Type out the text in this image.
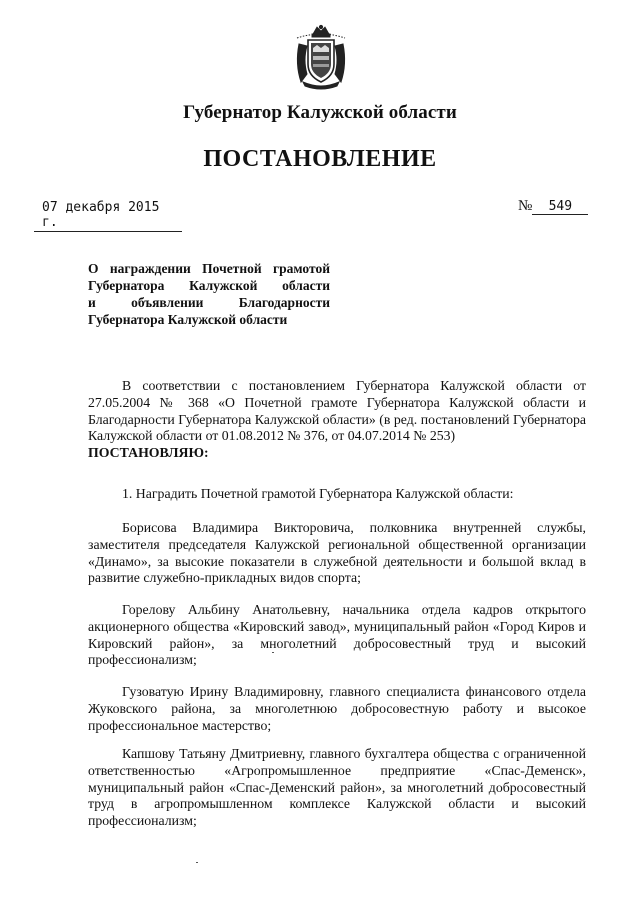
Губернатор Калужской области
ПОСТАНОВЛЕНИЕ
07 декабря 2015 г.
№ 549
О награждении Почетной грамотой
Губернатора Калужской области
и объявлении Благодарности
Губернатора Калужской области
В соответствии с постановлением Губернатора Калужской области от 27.05.2004 № 368 «О Почетной грамоте Губернатора Калужской области и Благодарности Губернатора Калужской области» (в ред. постановлений Губернатора Калужской области от 01.08.2012 № 376, от 04.07.2014 № 253)
ПОСТАНОВЛЯЮ:
1. Наградить Почетной грамотой Губернатора Калужской области:
Борисова Владимира Викторовича, полковника внутренней службы, заместителя председателя Калужской региональной общественной организации «Динамо», за высокие показатели в служебной деятельности и большой вклад в развитие служебно-прикладных видов спорта;
Горелову Альбину Анатольевну, начальника отдела кадров открытого акционерного общества «Кировский завод», муниципальный район «Город Киров и Кировский район», за многолетний добросовестный труд и высокий профессионализм;
Гузоватую Ирину Владимировну, главного специалиста финансового отдела Жуковского района, за многолетнюю добросовестную работу и высокое профессиональное мастерство;
Капшову Татьяну Дмитриевну, главного бухгалтера общества с ограниченной ответственностью «Агропромышленное предприятие «Спас-Деменск», муниципальный район «Спас-Деменский район», за многолетний добросовестный труд в агропромышленном комплексе Калужской области и высокий профессионализм;
